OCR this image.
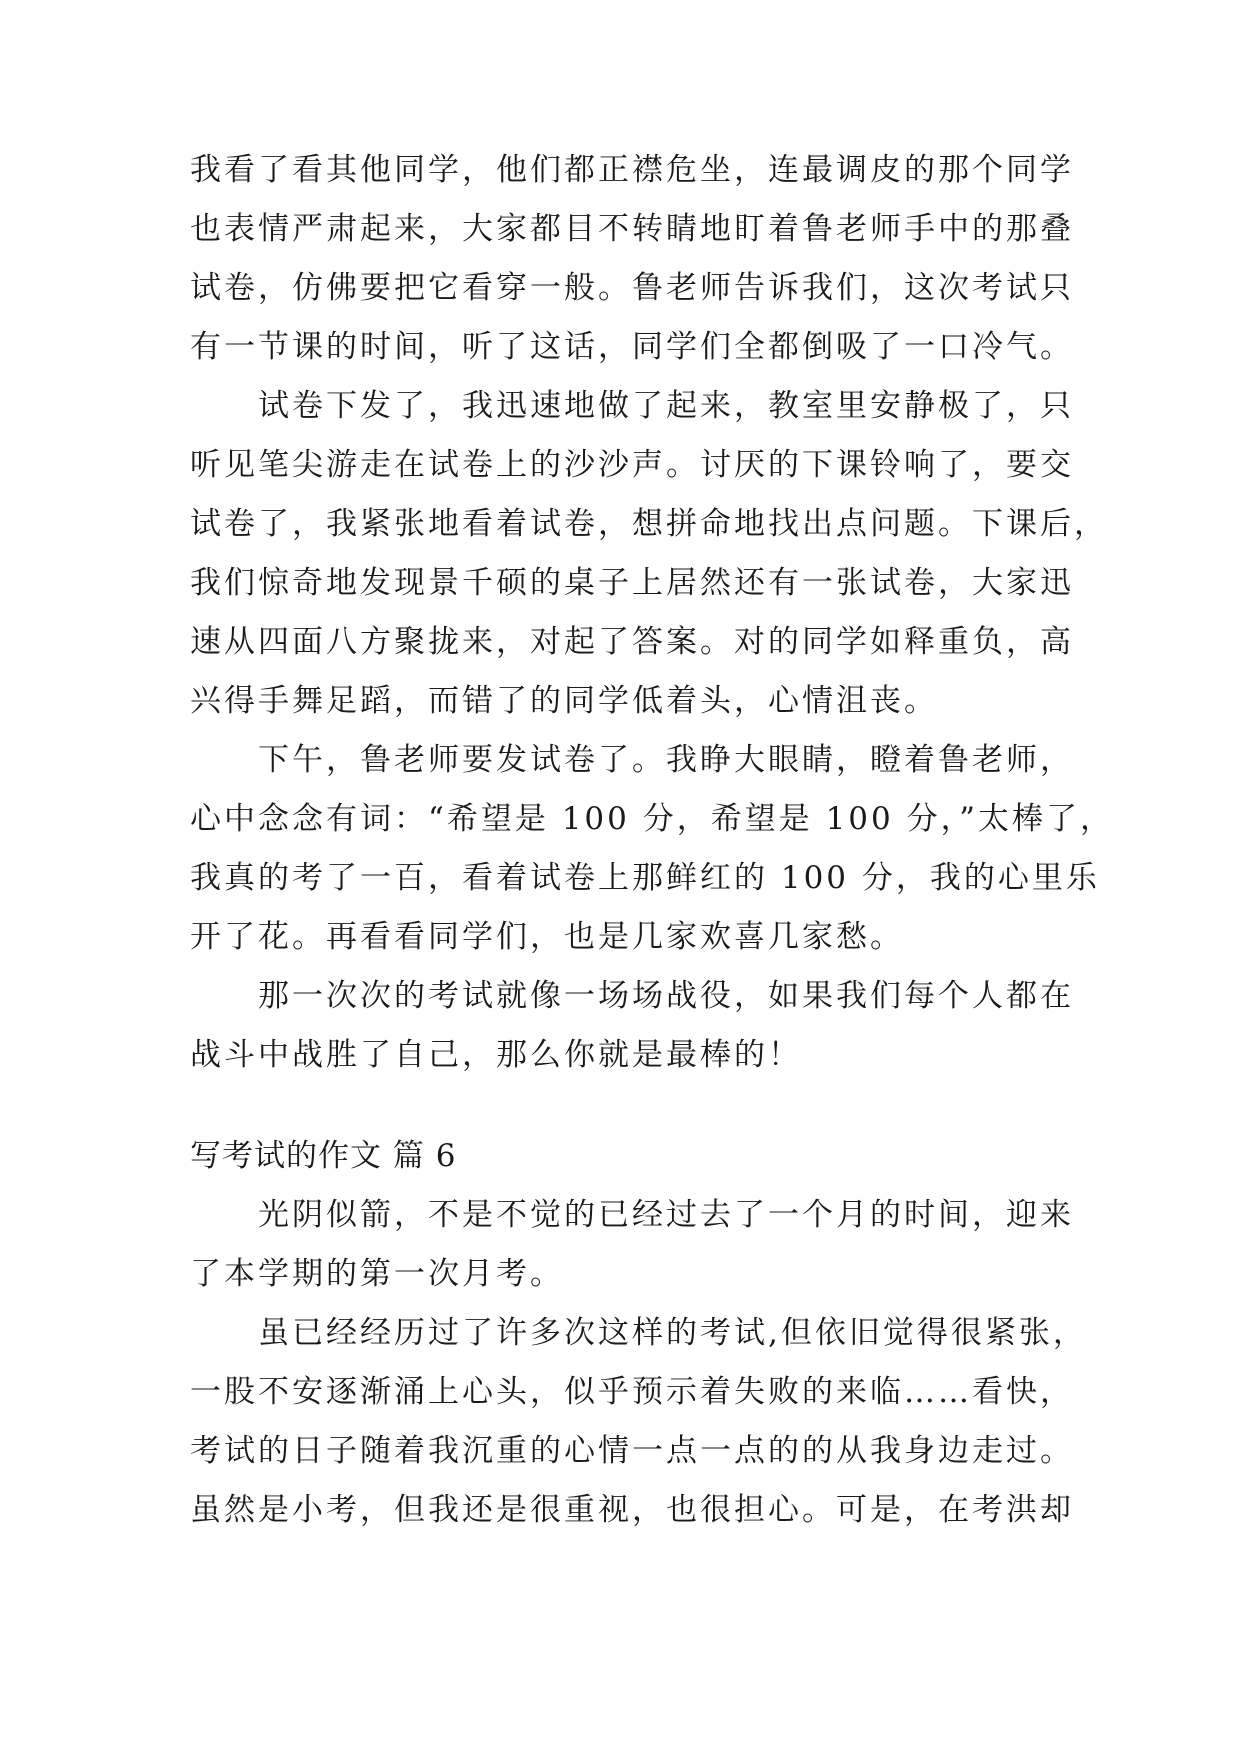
我看了看其他同学，他们都正襟危坐，连最调皮的那个同学
也表情严肃起来，大家都目不转睛地盯着鲁老师手中的那叠
试卷，仿佛要把它看穿一般。鲁老师告诉我们，这次考试只
有一节课的时间，听了这话，同学们全都倒吸了一口冷气。
　　试卷下发了，我迅速地做了起来，教室里安静极了，只
听见笔尖游走在试卷上的沙沙声。讨厌的下课铃响了，要交
试卷了，我紧张地看着试卷，想拼命地找出点问题。下课后，
我们惊奇地发现景千硕的桌子上居然还有一张试卷，大家迅
速从四面八方聚拢来，对起了答案。对的同学如释重负，高
兴得手舞足蹈，而错了的同学低着头，心情沮丧。
　　下午，鲁老师要发试卷了。我睁大眼睛，瞪着鲁老师，
心中念念有词：“希望是 100 分，希望是 100 分，”太棒了，
我真的考了一百，看着试卷上那鲜红的 100 分，我的心里乐
开了花。再看看同学们，也是几家欢喜几家愁。
　　那一次次的考试就像一场场战役，如果我们每个人都在
战斗中战胜了自己，那么你就是最棒的！
写考试的作文 篇 6
　　光阴似箭，不是不觉的已经过去了一个月的时间，迎来
了本学期的第一次月考。
　　虽已经经历过了许多次这样的考试,但依旧觉得很紧张，
一股不安逐渐涌上心头，似乎预示着失败的来临……看快，
考试的日子随着我沉重的心情一点一点的的从我身边走过。
虽然是小考，但我还是很重视，也很担心。可是，在考洪却
